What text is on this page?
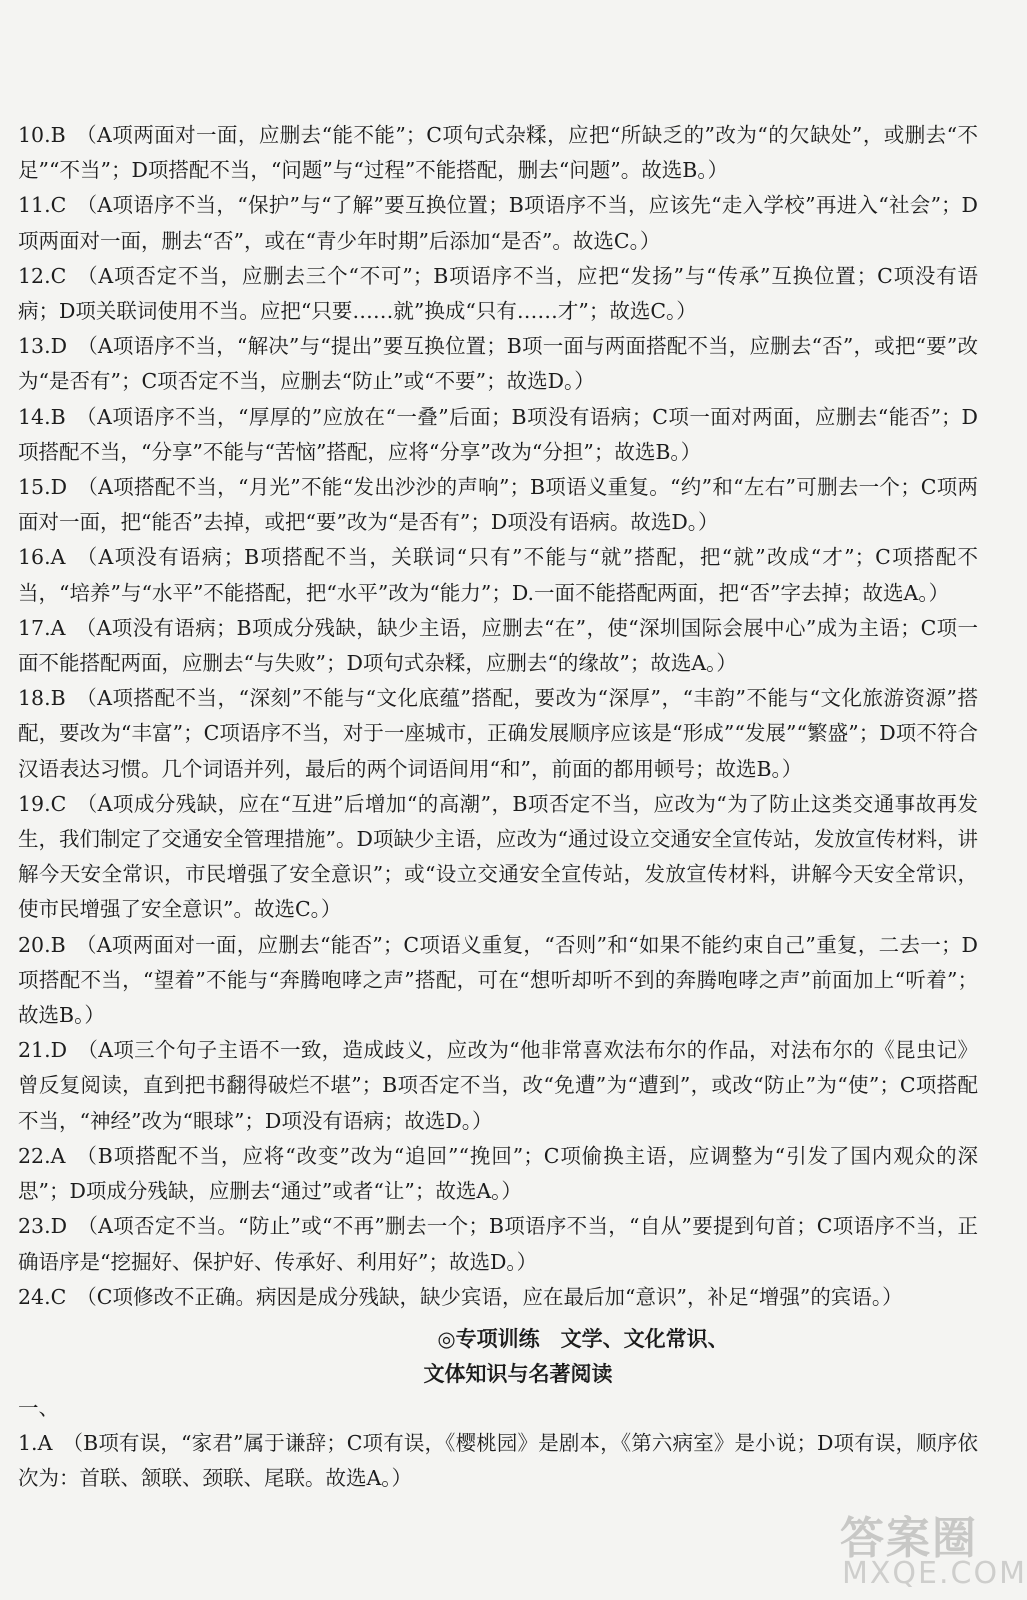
10.B （A项两面对一面，应删去“能不能”；C项句式杂糅，应把“所缺乏的”改为“的欠缺处”，或删去“不足”“不当”；D项搭配不当，“问题”与“过程”不能搭配，删去“问题”。故选B。）

11.C （A项语序不当，“保护”与“了解”要互换位置；B项语序不当，应该先“走入学校”再进入“社会”；D项两面对一面，删去“否”，或在“青少年时期”后添加“是否”。故选C。）

12.C （A项否定不当，应删去三个“不可”；B项语序不当，应把“发扬”与“传承”互换位置；C项没有语病；D项关联词使用不当。应把“只要……就”换成“只有……才”；故选C。）

13.D （A项语序不当，“解决”与“提出”要互换位置；B项一面与两面搭配不当，应删去“否”，或把“要”改为“是否有”；C项否定不当，应删去“防止”或“不要”；故选D。）

14.B （A项语序不当，“厚厚的”应放在“一叠”后面；B项没有语病；C项一面对两面，应删去“能否”；D项搭配不当，“分享”不能与“苦恼”搭配，应将“分享”改为“分担”；故选B。）

15.D （A项搭配不当，“月光”不能“发出沙沙的声响”；B项语义重复。“约”和“左右”可删去一个；C项两面对一面，把“能否”去掉，或把“要”改为“是否有”；D项没有语病。故选D。）

16.A （A项没有语病；B项搭配不当，关联词“只有”不能与“就”搭配，把“就”改成“才”；C项搭配不当，“培养”与“水平”不能搭配，把“水平”改为“能力”；D.一面不能搭配两面，把“否”字去掉；故选A。）

17.A （A项没有语病；B项成分残缺，缺少主语，应删去“在”，使“深圳国际会展中心”成为主语；C项一面不能搭配两面，应删去“与失败”；D项句式杂糅，应删去“的缘故”；故选A。）

18.B （A项搭配不当，“深刻”不能与“文化底蕴”搭配，要改为“深厚”，“丰韵”不能与“文化旅游资源”搭配，要改为“丰富”；C项语序不当，对于一座城市，正确发展顺序应该是“形成”“发展”“繁盛”；D项不符合汉语表达习惯。几个词语并列，最后的两个词语间用“和”，前面的都用顿号；故选B。）

19.C （A项成分残缺，应在“互进”后增加“的高潮”，B项否定不当，应改为“为了防止这类交通事故再发生，我们制定了交通安全管理措施”。D项缺少主语，应改为“通过设立交通安全宣传站，发放宣传材料，讲解今天安全常识，市民增强了安全意识”；或“设立交通安全宣传站，发放宣传材料，讲解今天安全常识，使市民增强了安全意识”。故选C。）

20.B （A项两面对一面，应删去“能否”；C项语义重复，“否则”和“如果不能约束自己”重复，二去一；D项搭配不当，“望着”不能与“奔腾咆哮之声”搭配，可在“想听却听不到的奔腾咆哮之声”前面加上“听着”；故选B。）

21.D （A项三个句子主语不一致，造成歧义，应改为“他非常喜欢法布尔的作品，对法布尔的《昆虫记》曾反复阅读，直到把书翻得破烂不堪”；B项否定不当，改“免遭”为“遭到”，或改“防止”为“使”；C项搭配不当，“神经”改为“眼球”；D项没有语病；故选D。）

22.A （B项搭配不当，应将“改变”改为“追回”“挽回”；C项偷换主语，应调整为“引发了国内观众的深思”；D项成分残缺，应删去“通过”或者“让”；故选A。）

23.D （A项否定不当。“防止”或“不再”删去一个；B项语序不当，“自从”要提到句首；C项语序不当，正确语序是“挖掘好、保护好、传承好、利用好”；故选D。）

24.C （C项修改不正确。病因是成分残缺，缺少宾语，应在最后加“意识”，补足“增强”的宾语。）

◎专项训练　文学、文化常识、
文体知识与名著阅读

一、

1.A （B项有误，“家君”属于谦辞；C项有误，《樱桃园》是剧本，《第六病室》是小说；D项有误，顺序依次为：首联、颔联、颈联、尾联。故选A。）

答案圈
MXQE.COM
